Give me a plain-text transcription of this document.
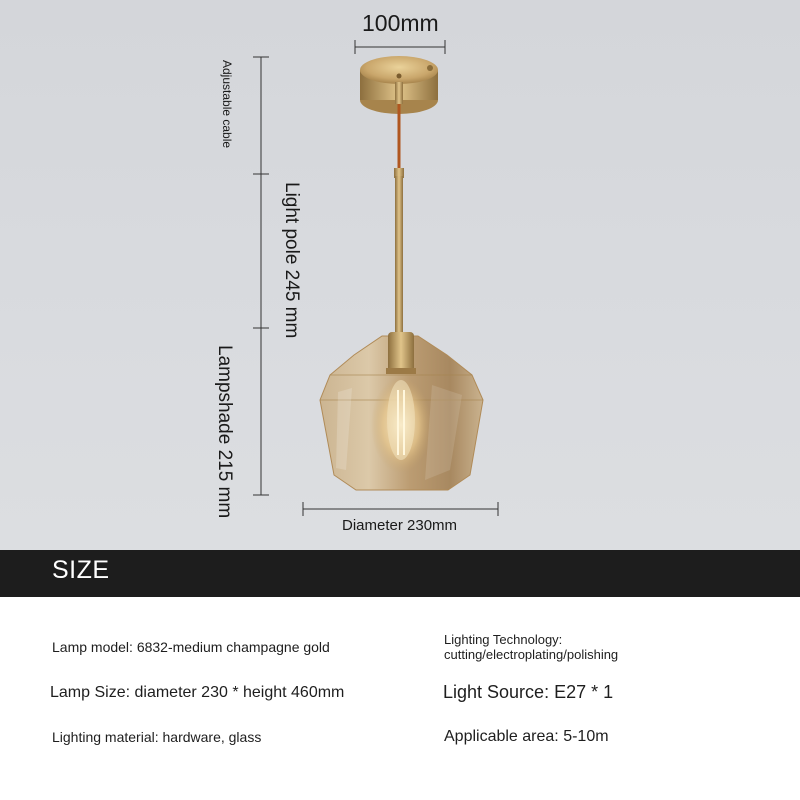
100mm
Adjustable cable
Light pole 245 mm
Lampshade 215 mm
Diameter 230mm
SIZE
Lamp model: 6832-medium champagne gold
Lamp Size: diameter 230 * height 460mm
Lighting material: hardware, glass
Lighting Technology:
cutting/electroplating/polishing
Light Source: E27 * 1
Applicable area: 5-10m
